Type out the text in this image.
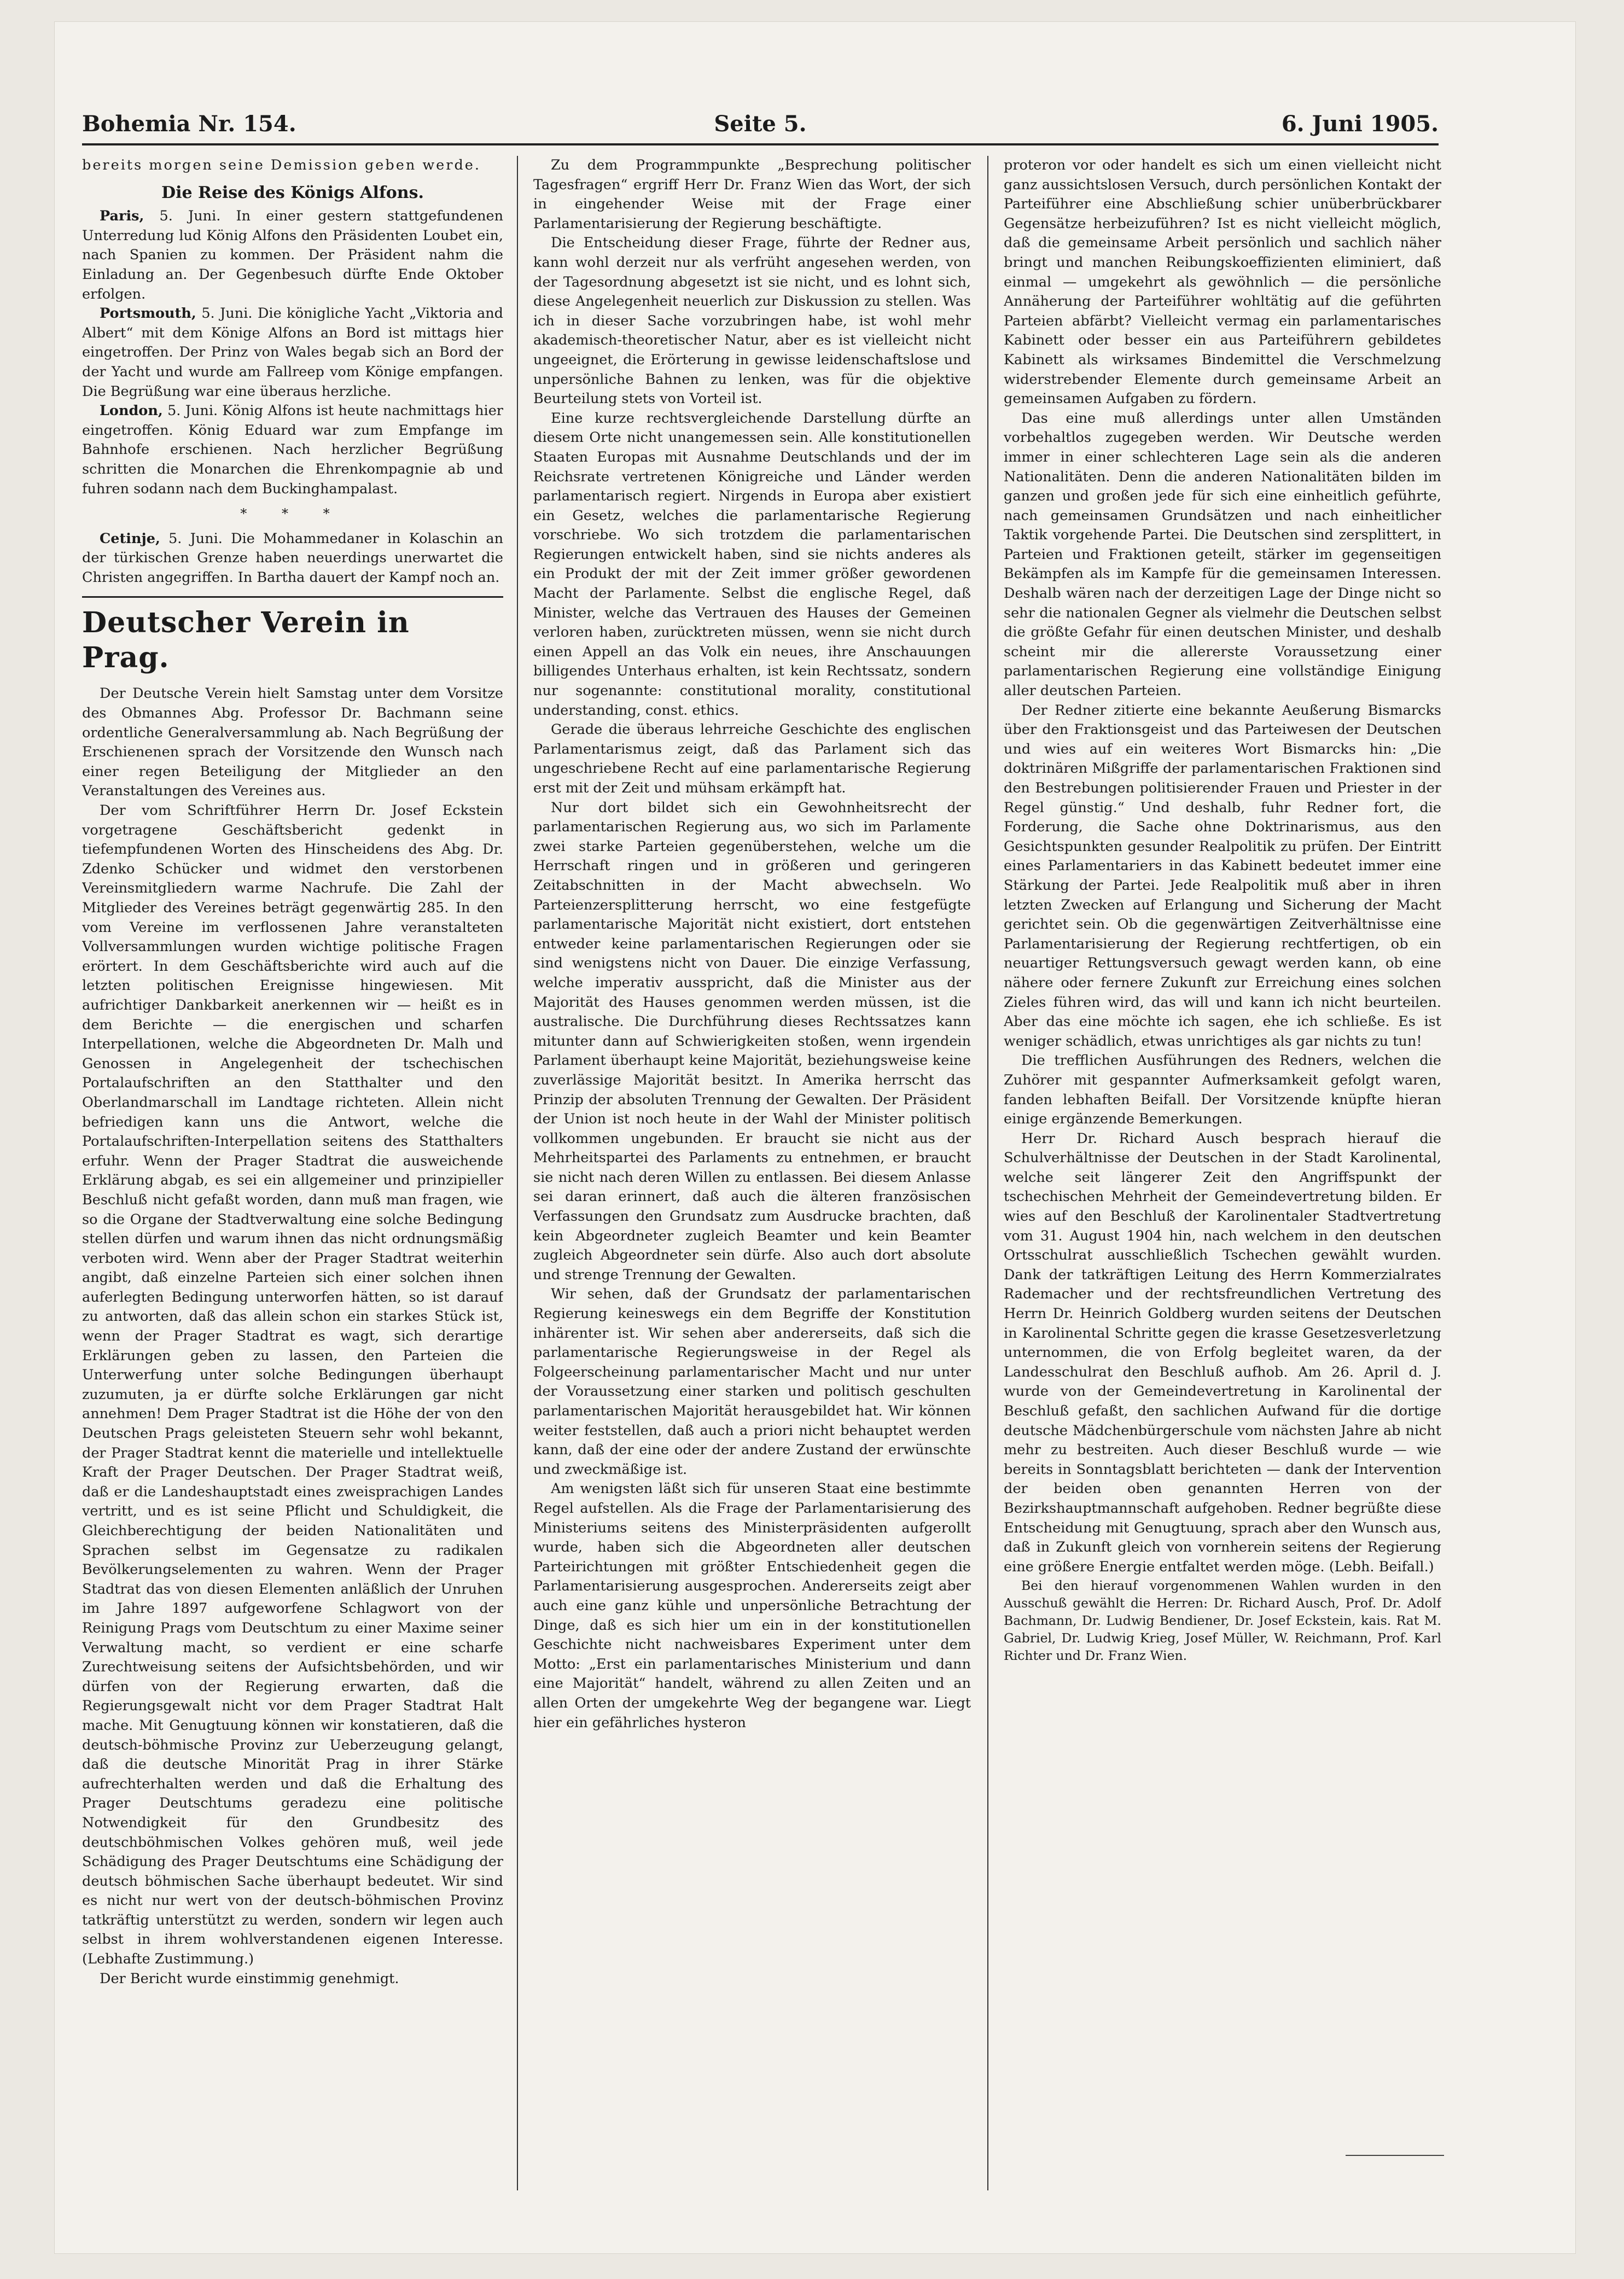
Bohemia Nr. 154.	Seite 5.	6. Juni 1905.

bereits morgen seine Demission geben werde.

Die Reise des Königs Alfons.

Paris, 5. Juni. In einer gestern stattgefundenen Unterredung lud König Alfons den Präsidenten Loubet ein, nach Spanien zu kommen. Der Präsident nahm die Einladung an. Der Gegenbesuch dürfte Ende Oktober erfolgen.

Portsmouth, 5. Juni. Die königliche Yacht „Viktoria and Albert“ mit dem Könige Alfons an Bord ist mittags hier eingetroffen. Der Prinz von Wales begab sich an Bord der der Yacht und wurde am Fallreep vom Könige empfangen. Die Begrüßung war eine überaus herzliche.

London, 5. Juni. König Alfons ist heute nachmittags hier eingetroffen. König Eduard war zum Empfange im Bahnhofe erschienen. Nach herzlicher Begrüßung schritten die Monarchen die Ehrenkompagnie ab und fuhren sodann nach dem Buckinghampalast.

* * *

Cetinje, 5. Juni. Die Mohammedaner in Kolaschin an der türkischen Grenze haben neuerdings unerwartet die Christen angegriffen. In Bartha dauert der Kampf noch an.

Deutscher Verein in Prag.

Der Deutsche Verein hielt Samstag unter dem Vorsitze des Obmannes Abg. Professor Dr. Bachmann seine ordentliche Generalversammlung ab. Nach Begrüßung der Erschienenen sprach der Vorsitzende den Wunsch nach einer regen Beteiligung der Mitglieder an den Veranstaltungen des Vereines aus.

Der vom Schriftführer Herrn Dr. Josef Eckstein vorgetragene Geschäftsbericht gedenkt in tiefempfundenen Worten des Hinscheidens des Abg. Dr. Zdenko Schücker und widmet den verstorbenen Vereinsmitgliedern warme Nachrufe. Die Zahl der Mitglieder des Vereines beträgt gegenwärtig 285. In den vom Vereine im verflossenen Jahre veranstalteten Vollversammlungen wurden wichtige politische Fragen erörtert. In dem Geschäftsberichte wird auch auf die letzten politischen Ereignisse hingewiesen. Mit aufrichtiger Dankbarkeit anerkennen wir — heißt es in dem Berichte — die energischen und scharfen Interpellationen, welche die Abgeordneten Dr. Malh und Genossen in Angelegenheit der tschechischen Portalaufschriften an den Statthalter und den Oberlandmarschall im Landtage richteten. Allein nicht befriedigen kann uns die Antwort, welche die Portalaufschriften-Interpellation seitens des Statthalters erfuhr. Wenn der Prager Stadtrat die ausweichende Erklärung abgab, es sei ein allgemeiner und prinzipieller Beschluß nicht gefaßt worden, dann muß man fragen, wie so die Organe der Stadtverwaltung eine solche Bedingung stellen dürfen und warum ihnen das nicht ordnungsmäßig verboten wird. Wenn aber der Prager Stadtrat weiterhin angibt, daß einzelne Parteien sich einer solchen ihnen auferlegten Bedingung unterworfen hätten, so ist darauf zu antworten, daß das allein schon ein starkes Stück ist, wenn der Prager Stadtrat es wagt, sich derartige Erklärungen geben zu lassen, den Parteien die Unterwerfung unter solche Bedingungen überhaupt zuzumuten, ja er dürfte solche Erklärungen gar nicht annehmen! Dem Prager Stadtrat ist die Höhe der von den Deutschen Prags geleisteten Steuern sehr wohl bekannt, der Prager Stadtrat kennt die materielle und intellektuelle Kraft der Prager Deutschen. Der Prager Stadtrat weiß, daß er die Landeshauptstadt eines zweisprachigen Landes vertritt, und es ist seine Pflicht und Schuldigkeit, die Gleichberechtigung der beiden Nationalitäten und Sprachen selbst im Gegensatze zu radikalen Bevölkerungselementen zu wahren. Wenn der Prager Stadtrat das von diesen Elementen anläßlich der Unruhen im Jahre 1897 aufgeworfene Schlagwort von der Reinigung Prags vom Deutschtum zu einer Maxime seiner Verwaltung macht, so verdient er eine scharfe Zurechtweisung seitens der Aufsichtsbehörden, und wir dürfen von der Regierung erwarten, daß die Regierungsgewalt nicht vor dem Prager Stadtrat Halt mache. Mit Genugtuung können wir konstatieren, daß die deutsch-böhmische Provinz zur Ueberzeugung gelangt, daß die deutsche Minorität Prag in ihrer Stärke aufrechterhalten werden und daß die Erhaltung des Prager Deutschtums geradezu eine politische Notwendigkeit für den Grundbesitz des deutschböhmischen Volkes gehören muß, weil jede Schädigung des Prager Deutschtums eine Schädigung der deutsch böhmischen Sache überhaupt bedeutet. Wir sind es nicht nur wert von der deutsch-böhmischen Provinz tatkräftig unterstützt zu werden, sondern wir legen auch selbst in ihrem wohlverstandenen eigenen Interesse. (Lebhafte Zustimmung.)

Der Bericht wurde einstimmig genehmigt.

Zu dem Programmpunkte „Besprechung politischer Tagesfragen“ ergriff Herr Dr. Franz Wien das Wort, der sich in eingehender Weise mit der Frage einer Parlamentarisierung der Regierung beschäftigte.

Die Entscheidung dieser Frage, führte der Redner aus, kann wohl derzeit nur als verfrüht angesehen werden, von der Tagesordnung abgesetzt ist sie nicht, und es lohnt sich, diese Angelegenheit neuerlich zur Diskussion zu stellen. Was ich in dieser Sache vorzubringen habe, ist wohl mehr akademisch-theoretischer Natur, aber es ist vielleicht nicht ungeeignet, die Erörterung in gewisse leidenschaftslose und unpersönliche Bahnen zu lenken, was für die objektive Beurteilung stets von Vorteil ist.

Eine kurze rechtsvergleichende Darstellung dürfte an diesem Orte nicht unangemessen sein. Alle konstitutionellen Staaten Europas mit Ausnahme Deutschlands und der im Reichsrate vertretenen Königreiche und Länder werden parlamentarisch regiert. Nirgends in Europa aber existiert ein Gesetz, welches die parlamentarische Regierung vorschriebe. Wo sich trotzdem die parlamentarischen Regierungen entwickelt haben, sind sie nichts anderes als ein Produkt der mit der Zeit immer größer gewordenen Macht der Parlamente. Selbst die englische Regel, daß Minister, welche das Vertrauen des Hauses der Gemeinen verloren haben, zurücktreten müssen, wenn sie nicht durch einen Appell an das Volk ein neues, ihre Anschauungen billigendes Unterhaus erhalten, ist kein Rechtssatz, sondern nur sogenannte: constitutional morality, constitutional understanding, const. ethics.

Gerade die überaus lehrreiche Geschichte des englischen Parlamentarismus zeigt, daß das Parlament sich das ungeschriebene Recht auf eine parlamentarische Regierung erst mit der Zeit und mühsam erkämpft hat.

Nur dort bildet sich ein Gewohnheitsrecht der parlamentarischen Regierung aus, wo sich im Parlamente zwei starke Parteien gegenüberstehen, welche um die Herrschaft ringen und in größeren und geringeren Zeitabschnitten in der Macht abwechseln. Wo Parteienzersplitterung herrscht, wo eine festgefügte parlamentarische Majorität nicht existiert, dort entstehen entweder keine parlamentarischen Regierungen oder sie sind wenigstens nicht von Dauer. Die einzige Verfassung, welche imperativ ausspricht, daß die Minister aus der Majorität des Hauses genommen werden müssen, ist die australische. Die Durchführung dieses Rechtssatzes kann mitunter dann auf Schwierigkeiten stoßen, wenn irgendein Parlament überhaupt keine Majorität, beziehungsweise keine zuverlässige Majorität besitzt. In Amerika herrscht das Prinzip der absoluten Trennung der Gewalten. Der Präsident der Union ist noch heute in der Wahl der Minister politisch vollkommen ungebunden. Er braucht sie nicht aus der Mehrheitspartei des Parlaments zu entnehmen, er braucht sie nicht nach deren Willen zu entlassen. Bei diesem Anlasse sei daran erinnert, daß auch die älteren französischen Verfassungen den Grundsatz zum Ausdrucke brachten, daß kein Abgeordneter zugleich Beamter und kein Beamter zugleich Abgeordneter sein dürfe. Also auch dort absolute und strenge Trennung der Gewalten.

Wir sehen, daß der Grundsatz der parlamentarischen Regierung keineswegs ein dem Begriffe der Konstitution inhärenter ist. Wir sehen aber andererseits, daß sich die parlamentarische Regierungsweise in der Regel als Folgeerscheinung parlamentarischer Macht und nur unter der Voraussetzung einer starken und politisch geschulten parlamentarischen Majorität herausgebildet hat. Wir können weiter feststellen, daß auch a priori nicht behauptet werden kann, daß der eine oder der andere Zustand der erwünschte und zweckmäßige ist.

Am wenigsten läßt sich für unseren Staat eine bestimmte Regel aufstellen. Als die Frage der Parlamentarisierung des Ministeriums seitens des Ministerpräsidenten aufgerollt wurde, haben sich die Abgeordneten aller deutschen Parteirichtungen mit größter Entschiedenheit gegen die Parlamentarisierung ausgesprochen. Andererseits zeigt aber auch eine ganz kühle und unpersönliche Betrachtung der Dinge, daß es sich hier um ein in der konstitutionellen Geschichte nicht nachweisbares Experiment unter dem Motto: „Erst ein parlamentarisches Ministerium und dann eine Majorität“ handelt, während zu allen Zeiten und an allen Orten der umgekehrte Weg der begangene war. Liegt hier ein gefährliches hysteron

proteron vor oder handelt es sich um einen vielleicht nicht ganz aussichtslosen Versuch, durch persönlichen Kontakt der Parteiführer eine Abschließung schier unüberbrückbarer Gegensätze herbeizuführen? Ist es nicht vielleicht möglich, daß die gemeinsame Arbeit persönlich und sachlich näher bringt und manchen Reibungskoeffizienten eliminiert, daß einmal — umgekehrt als gewöhnlich — die persönliche Annäherung der Parteiführer wohltätig auf die geführten Parteien abfärbt? Vielleicht vermag ein parlamentarisches Kabinett oder besser ein aus Parteiführern gebildetes Kabinett als wirksames Bindemittel die Verschmelzung widerstrebender Elemente durch gemeinsame Arbeit an gemeinsamen Aufgaben zu fördern.

Das eine muß allerdings unter allen Umständen vorbehaltlos zugegeben werden. Wir Deutsche werden immer in einer schlechteren Lage sein als die anderen Nationalitäten. Denn die anderen Nationalitäten bilden im ganzen und großen jede für sich eine einheitlich geführte, nach gemeinsamen Grundsätzen und nach einheitlicher Taktik vorgehende Partei. Die Deutschen sind zersplittert, in Parteien und Fraktionen geteilt, stärker im gegenseitigen Bekämpfen als im Kampfe für die gemeinsamen Interessen. Deshalb wären nach der derzeitigen Lage der Dinge nicht so sehr die nationalen Gegner als vielmehr die Deutschen selbst die größte Gefahr für einen deutschen Minister, und deshalb scheint mir die allererste Voraussetzung einer parlamentarischen Regierung eine vollständige Einigung aller deutschen Parteien.

Der Redner zitierte eine bekannte Aeußerung Bismarcks über den Fraktionsgeist und das Parteiwesen der Deutschen und wies auf ein weiteres Wort Bismarcks hin: „Die doktrinären Mißgriffe der parlamentarischen Fraktionen sind den Bestrebungen politisierender Frauen und Priester in der Regel günstig.“ Und deshalb, fuhr Redner fort, die Forderung, die Sache ohne Doktrinarismus, aus den Gesichtspunkten gesunder Realpolitik zu prüfen. Der Eintritt eines Parlamentariers in das Kabinett bedeutet immer eine Stärkung der Partei. Jede Realpolitik muß aber in ihren letzten Zwecken auf Erlangung und Sicherung der Macht gerichtet sein. Ob die gegenwärtigen Zeitverhältnisse eine Parlamentarisierung der Regierung rechtfertigen, ob ein neuartiger Rettungsversuch gewagt werden kann, ob eine nähere oder fernere Zukunft zur Erreichung eines solchen Zieles führen wird, das will und kann ich nicht beurteilen. Aber das eine möchte ich sagen, ehe ich schließe. Es ist weniger schädlich, etwas unrichtiges als gar nichts zu tun!

Die trefflichen Ausführungen des Redners, welchen die Zuhörer mit gespannter Aufmerksamkeit gefolgt waren, fanden lebhaften Beifall. Der Vorsitzende knüpfte hieran einige ergänzende Bemerkungen.

Herr Dr. Richard Ausch besprach hierauf die Schulverhältnisse der Deutschen in der Stadt Karolinental, welche seit längerer Zeit den Angriffspunkt der tschechischen Mehrheit der Gemeindevertretung bilden. Er wies auf den Beschluß der Karolinentaler Stadtvertretung vom 31. August 1904 hin, nach welchem in den deutschen Ortsschulrat ausschließlich Tschechen gewählt wurden. Dank der tatkräftigen Leitung des Herrn Kommerzialrates Rademacher und der rechtsfreundlichen Vertretung des Herrn Dr. Heinrich Goldberg wurden seitens der Deutschen in Karolinental Schritte gegen die krasse Gesetzesverletzung unternommen, die von Erfolg begleitet waren, da der Landesschulrat den Beschluß aufhob. Am 26. April d. J. wurde von der Gemeindevertretung in Karolinental der Beschluß gefaßt, den sachlichen Aufwand für die dortige deutsche Mädchenbürgerschule vom nächsten Jahre ab nicht mehr zu bestreiten. Auch dieser Beschluß wurde — wie bereits in Sonntagsblatt berichteten — dank der Intervention der beiden oben genannten Herren von der Bezirkshauptmannschaft aufgehoben. Redner begrüßte diese Entscheidung mit Genugtuung, sprach aber den Wunsch aus, daß in Zukunft gleich von vornherein seitens der Regierung eine größere Energie entfaltet werden möge. (Lebh. Beifall.)

Bei den hierauf vorgenommenen Wahlen wurden in den Ausschuß gewählt die Herren: Dr. Richard Ausch, Prof. Dr. Adolf Bachmann, Dr. Ludwig Bendiener, Dr. Josef Eckstein, kais. Rat M. Gabriel, Dr. Ludwig Krieg, Josef Müller, W. Reichmann, Prof. Karl Richter und Dr. Franz Wien.
